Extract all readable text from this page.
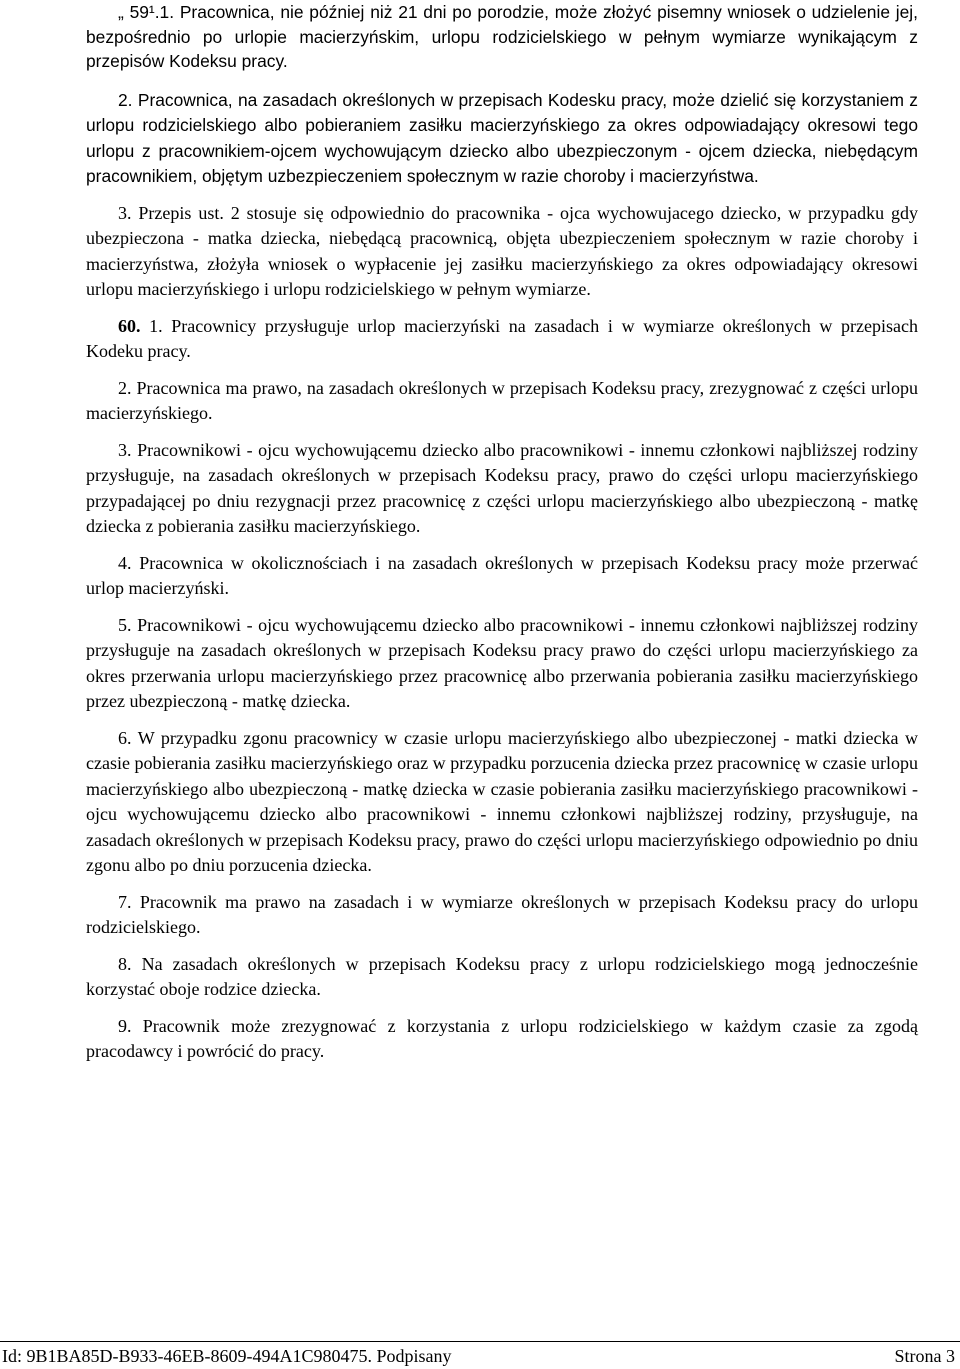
„ 59¹.1. Pracownica, nie później niż 21 dni po porodzie, może złożyć pisemny wniosek o udzielenie jej, bezpośrednio po urlopie macierzyńskim, urlopu rodzicielskiego w pełnym wymiarze wynikającym z przepisów Kodeksu pracy.

2. Pracownica, na zasadach określonych w przepisach Kodesku pracy, może dzielić się korzystaniem z urlopu rodzicielskiego albo pobieraniem zasiłku macierzyńskiego za okres odpowiadający okresowi tego urlopu z pracownikiem-ojcem wychowującym dziecko albo ubezpieczonym - ojcem dziecka, niebędącym pracownikiem, objętym uzbezpieczeniem społecznym w razie choroby i macierzyństwa.

3. Przepis ust. 2 stosuje się odpowiednio do pracownika - ojca wychowujacego dziecko, w przypadku gdy ubezpieczona - matka dziecka, niebędącą pracownicą, objęta ubezpieczeniem społecznym w razie choroby i macierzyństwa, złożyła wniosek o wypłacenie jej zasiłku macierzyńskiego za okres odpowiadający okresowi urlopu macierzyńskiego i urlopu rodzicielskiego w pełnym wymiarze.

60. 1. Pracownicy przysługuje urlop macierzyński na zasadach i w wymiarze określonych w przepisach Kodeku pracy.

2. Pracownica ma prawo, na zasadach określonych w przepisach Kodeksu pracy, zrezygnować z części urlopu macierzyńskiego.

3. Pracownikowi - ojcu wychowującemu dziecko albo pracownikowi - innemu członkowi najbliższej rodziny przysługuje, na zasadach określonych w przepisach Kodeksu pracy, prawo do części urlopu macierzyńskiego przypadającej po dniu rezygnacji przez pracownicę z części urlopu macierzyńskiego albo ubezpieczoną - matkę dziecka z pobierania zasiłku macierzyńskiego.

4. Pracownica w okolicznościach i na zasadach określonych w przepisach Kodeksu pracy może przerwać urlop macierzyński.

5. Pracownikowi - ojcu wychowującemu dziecko albo pracownikowi - innemu członkowi najbliższej rodziny przysługuje na zasadach określonych w przepisach Kodeksu pracy prawo do części urlopu macierzyńskiego za okres przerwania urlopu macierzyńskiego przez pracownicę albo przerwania pobierania zasiłku macierzyńskiego przez ubezpieczoną - matkę dziecka.

6. W przypadku zgonu pracownicy w czasie urlopu macierzyńskiego albo ubezpieczonej - matki dziecka w czasie pobierania zasiłku macierzyńskiego oraz w przypadku porzucenia dziecka przez pracownicę w czasie urlopu macierzyńskiego albo ubezpieczoną - matkę dziecka w czasie pobierania zasiłku macierzyńskiego pracownikowi - ojcu wychowującemu dziecko albo pracownikowi - innemu członkowi najbliższej rodziny, przysługuje, na zasadach określonych w przepisach Kodeksu pracy, prawo do części urlopu macierzyńskiego odpowiednio po dniu zgonu albo po dniu porzucenia dziecka.

7. Pracownik ma prawo na zasadach i w wymiarze określonych w przepisach Kodeksu pracy do urlopu rodzicielskiego.

8. Na zasadach określonych w przepisach Kodeksu pracy z urlopu rodzicielskiego mogą jednocześnie korzystać oboje rodzice dziecka.

9. Pracownik może zrezygnować z korzystania z urlopu rodzicielskiego w każdym czasie za zgodą pracodawcy i powrócić do pracy.

Id: 9B1BA85D-B933-46EB-8609-494A1C980475. Podpisany	Strona 3
